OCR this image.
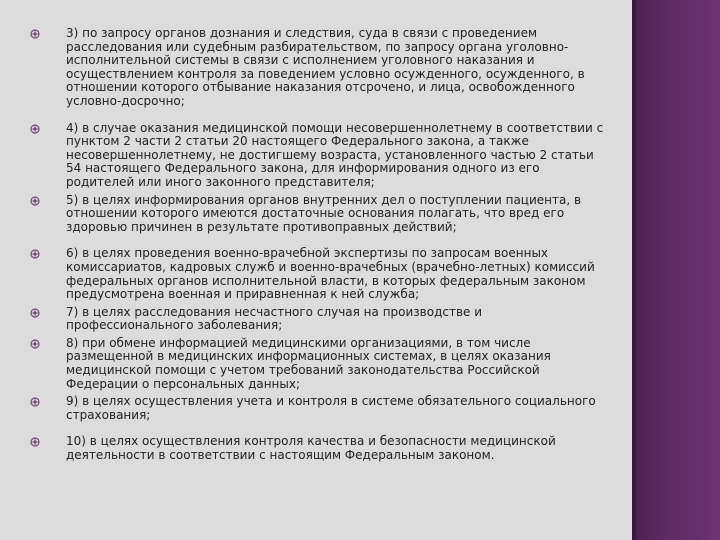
3) по запросу органов дознания и следствия, суда в связи с проведением расследования или судебным разбирательством, по запросу органа уголовно-исполнительной системы в связи с исполнением уголовного наказания и осуществлением контроля за поведением условно осужденного, осужденного, в отношении которого отбывание наказания отсрочено, и лица, освобожденного условно-досрочно;
4) в случае оказания медицинской помощи несовершеннолетнему в соответствии с пунктом 2 части 2 статьи 20 настоящего Федерального закона, а также несовершеннолетнему, не достигшему возраста, установленного частью 2 статьи 54 настоящего Федерального закона, для информирования одного из его родителей или иного законного представителя;
5) в целях информирования органов внутренних дел о поступлении пациента, в отношении которого имеются достаточные основания полагать, что вред его здоровью причинен в результате противоправных действий;
6) в целях проведения военно-врачебной экспертизы по запросам военных комиссариатов, кадровых служб и военно-врачебных (врачебно-летных) комиссий федеральных органов исполнительной власти, в которых федеральным законом предусмотрена военная и приравненная к ней служба;
7) в целях расследования несчастного случая на производстве и профессионального заболевания;
8) при обмене информацией медицинскими организациями, в том числе размещенной в медицинских информационных системах, в целях оказания медицинской помощи с учетом требований законодательства Российской Федерации о персональных данных;
9) в целях осуществления учета и контроля в системе обязательного социального страхования;
10) в целях осуществления контроля качества и безопасности медицинской деятельности в соответствии с настоящим Федеральным законом.
